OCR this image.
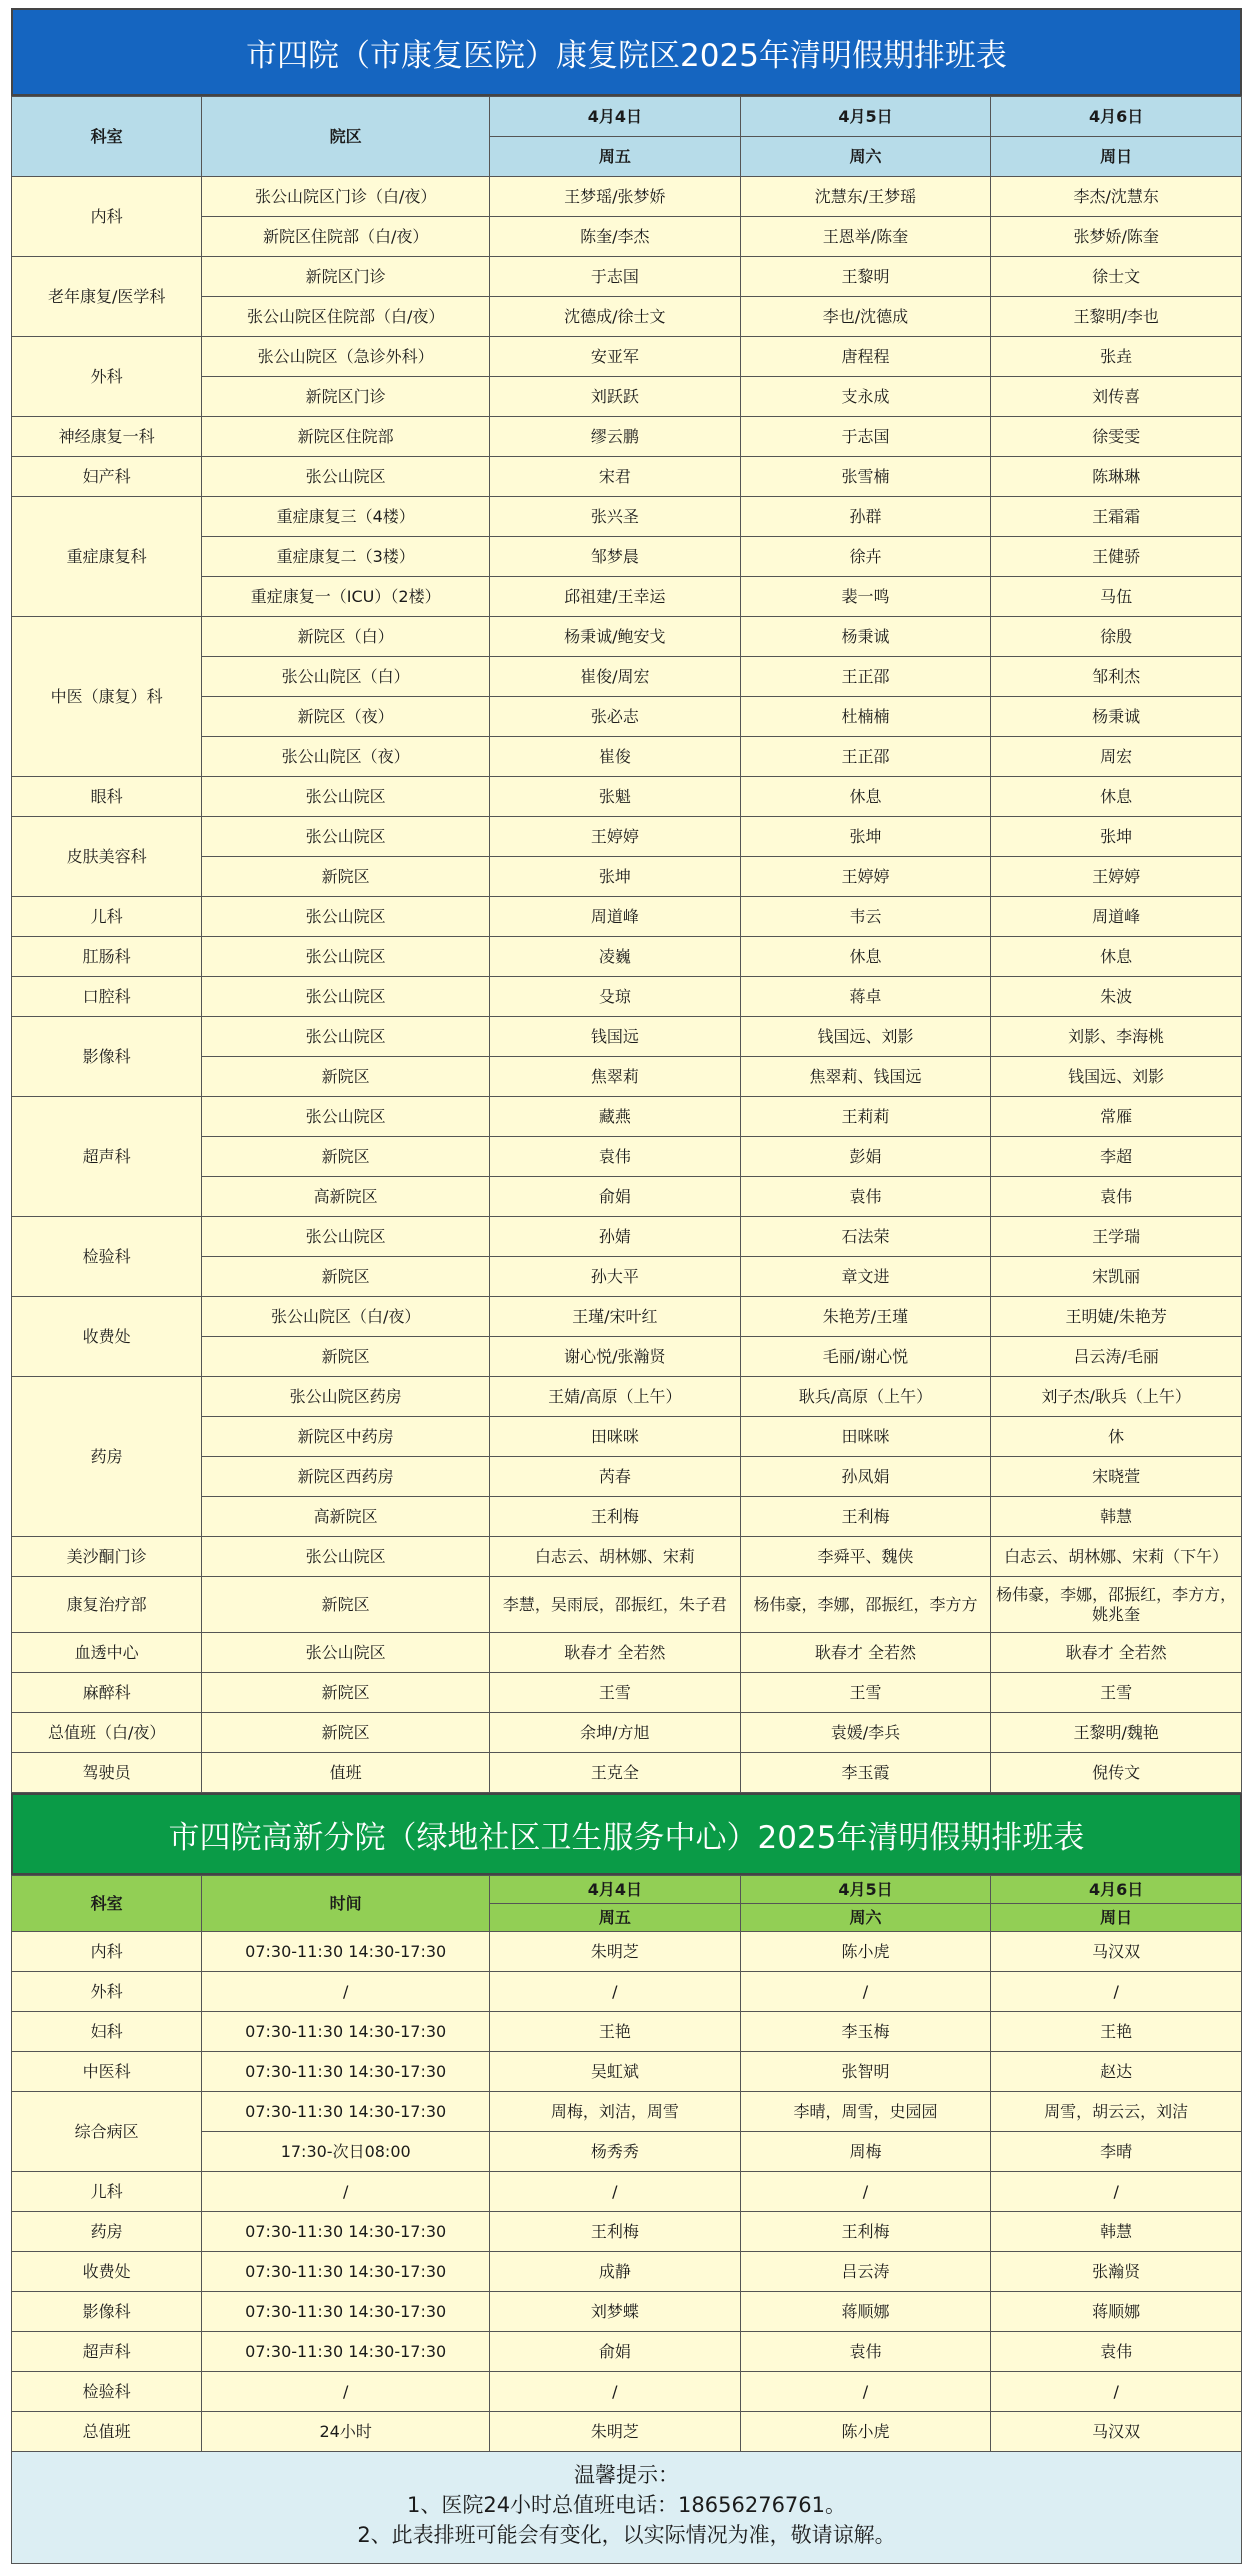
市四院（市康复医院）康复院区2025年清明假期排班表
科室	院区	4月4日	4月5日	4月6日
		周五	周六	周日
内科	张公山院区门诊（白/夜）	王梦瑶/张梦娇	沈慧东/王梦瑶	李杰/沈慧东
	新院区住院部（白/夜）	陈奎/李杰	王恩举/陈奎	张梦娇/陈奎
老年康复/医学科	新院区门诊	于志国	王黎明	徐士文
	张公山院区住院部（白/夜）	沈德成/徐士文	李也/沈德成	王黎明/李也
外科	张公山院区（急诊外科）	安亚军	唐程程	张垚
	新院区门诊	刘跃跃	支永成	刘传喜
神经康复一科	新院区住院部	缪云鹏	于志国	徐雯雯
妇产科	张公山院区	宋君	张雪楠	陈琳琳
重症康复科	重症康复三（4楼）	张兴圣	孙群	王霜霜
	重症康复二（3楼）	邹梦晨	徐卉	王健骄
	重症康复一（ICU）（2楼）	邱祖建/王幸运	裴一鸣	马伍
中医（康复）科	新院区（白）	杨秉诚/鲍安戈	杨秉诚	徐殷
	张公山院区（白）	崔俊/周宏	王正邵	邹利杰
	新院区（夜）	张必志	杜楠楠	杨秉诚
	张公山院区（夜）	崔俊	王正邵	周宏
眼科	张公山院区	张魁	休息	休息
皮肤美容科	张公山院区	王婷婷	张坤	张坤
	新院区	张坤	王婷婷	王婷婷
儿科	张公山院区	周道峰	韦云	周道峰
肛肠科	张公山院区	凌巍	休息	休息
口腔科	张公山院区	殳琼	蒋卓	朱波
影像科	张公山院区	钱国远	钱国远、刘影	刘影、李海桃
	新院区	焦翠莉	焦翠莉、钱国远	钱国远、刘影
超声科	张公山院区	藏燕	王莉莉	常雁
	新院区	袁伟	彭娟	李超
	高新院区	俞娟	袁伟	袁伟
检验科	张公山院区	孙婧	石法荣	王学瑞
	新院区	孙大平	章文进	宋凯丽
收费处	张公山院区（白/夜）	王瑾/宋叶红	朱艳芳/王瑾	王明婕/朱艳芳
	新院区	谢心悦/张瀚贤	毛丽/谢心悦	吕云涛/毛丽
药房	张公山院区药房	王婧/高原（上午）	耿兵/高原（上午）	刘子杰/耿兵（上午）
	新院区中药房	田咪咪	田咪咪	休
	新院区西药房	芮春	孙凤娟	宋晓萱
	高新院区	王利梅	王利梅	韩慧
美沙酮门诊	张公山院区	白志云、胡林娜、宋莉	李舜平、魏侠	白志云、胡林娜、宋莉（下午）
康复治疗部	新院区	李慧，吴雨辰，邵振红，朱子君	杨伟豪，李娜，邵振红，李方方	杨伟豪，李娜，邵振红，李方方，姚兆奎
血透中心	张公山院区	耿春才 全若然	耿春才 全若然	耿春才 全若然
麻醉科	新院区	王雪	王雪	王雪
总值班（白/夜）	新院区	余坤/方旭	袁媛/李兵	王黎明/魏艳
驾驶员	值班	王克全	李玉霞	倪传文
市四院高新分院（绿地社区卫生服务中心）2025年清明假期排班表
科室	时间	4月4日	4月5日	4月6日
		周五	周六	周日
内科	07:30-11:30 14:30-17:30	朱明芝	陈小虎	马汉双
外科	/	/	/	/
妇科	07:30-11:30 14:30-17:30	王艳	李玉梅	王艳
中医科	07:30-11:30 14:30-17:30	吴虹斌	张智明	赵达
综合病区	07:30-11:30 14:30-17:30	周梅，刘洁，周雪	李晴，周雪，史园园	周雪，胡云云，刘洁
	17:30-次日08:00	杨秀秀	周梅	李晴
儿科	/	/	/	/
药房	07:30-11:30 14:30-17:30	王利梅	王利梅	韩慧
收费处	07:30-11:30 14:30-17:30	成静	吕云涛	张瀚贤
影像科	07:30-11:30 14:30-17:30	刘梦蝶	蒋顺娜	蒋顺娜
超声科	07:30-11:30 14:30-17:30	俞娟	袁伟	袁伟
检验科	/	/	/	/
总值班	24小时	朱明芝	陈小虎	马汉双
温馨提示：
1、医院24小时总值班电话：18656276761。
2、此表排班可能会有变化，以实际情况为准，敬请谅解。
